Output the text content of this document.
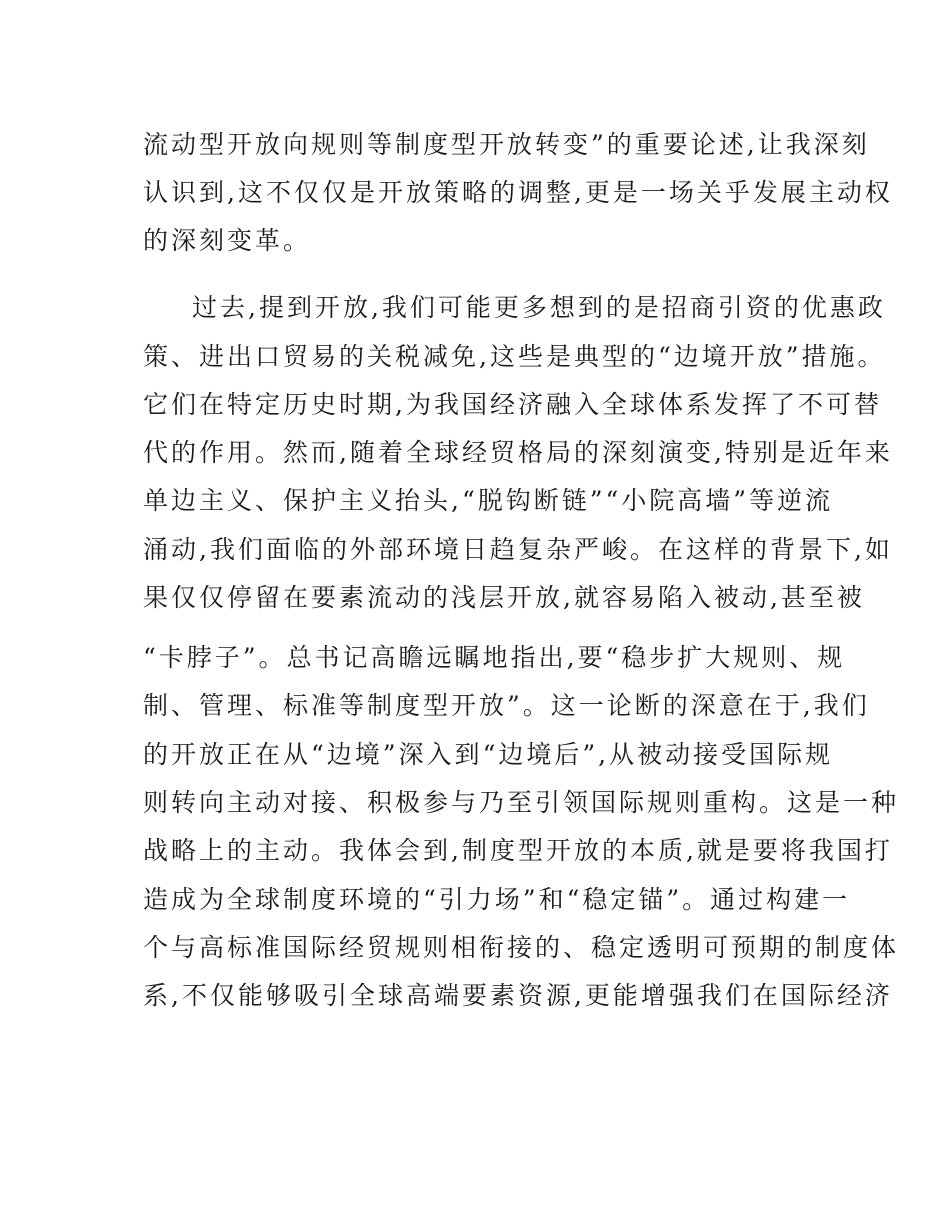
流动型开放向规则等制度型开放转变”的重要论述,让我深刻
认识到,这不仅仅是开放策略的调整,更是一场关乎发展主动权
的深刻变革。
过去,提到开放,我们可能更多想到的是招商引资的优惠政
策、进出口贸易的关税减免,这些是典型的“边境开放”措施。
它们在特定历史时期,为我国经济融入全球体系发挥了不可替
代的作用。然而,随着全球经贸格局的深刻演变,特别是近年来
单边主义、保护主义抬头,“脱钩断链”“小院高墙”等逆流
涌动,我们面临的外部环境日趋复杂严峻。在这样的背景下,如
果仅仅停留在要素流动的浅层开放,就容易陷入被动,甚至被
“卡脖子”。总书记高瞻远瞩地指出,要“稳步扩大规则、规
制、管理、标准等制度型开放”。这一论断的深意在于,我们
的开放正在从“边境”深入到“边境后”,从被动接受国际规
则转向主动对接、积极参与乃至引领国际规则重构。这是一种
战略上的主动。我体会到,制度型开放的本质,就是要将我国打
造成为全球制度环境的“引力场”和“稳定锚”。通过构建一
个与高标准国际经贸规则相衔接的、稳定透明可预期的制度体
系,不仅能够吸引全球高端要素资源,更能增强我们在国际经济
